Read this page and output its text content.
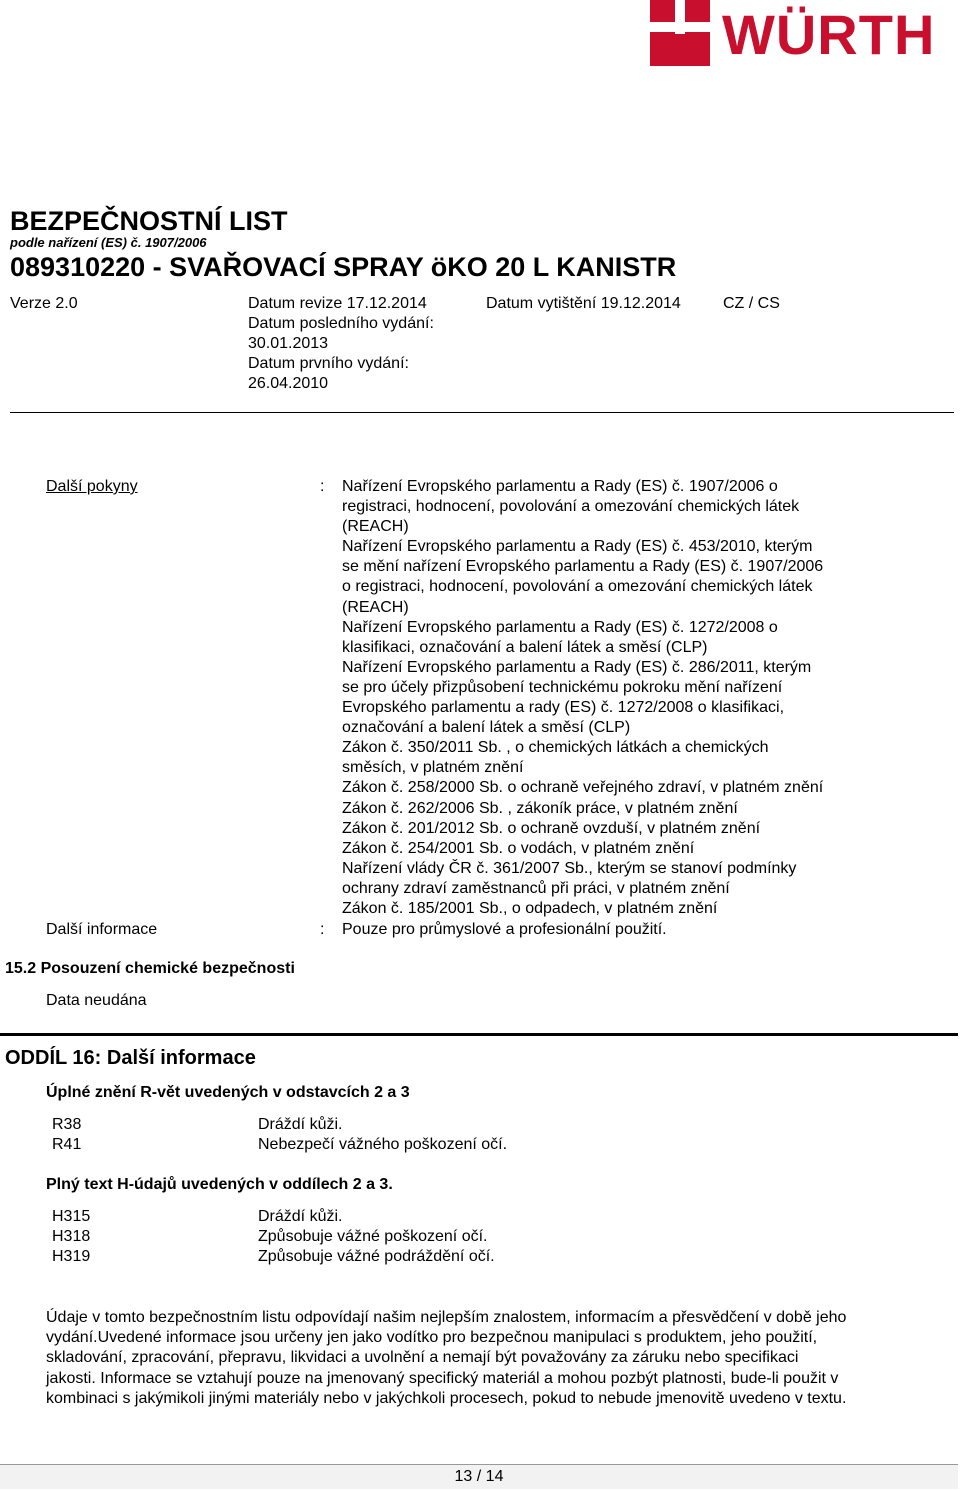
WÜRTH
BEZPEČNOSTNÍ LIST
podle nařízení (ES) č. 1907/2006
089310220 - SVAŘOVACÍ SPRAY öKO 20 L KANISTR
Verze 2.0	Datum revize 17.12.2014
Datum posledního vydání:
30.01.2013
Datum prvního vydání:
26.04.2010
Datum vytištění 19.12.2014	CZ / CS
Další pokyny	: Nařízení Evropského parlamentu a Rady (ES) č. 1907/2006 o
registraci, hodnocení, povolování a omezování chemických látek
(REACH)
Nařízení Evropského parlamentu a Rady (ES) č. 453/2010, kterým
se mění nařízení Evropského parlamentu a Rady (ES) č. 1907/2006
o registraci, hodnocení, povolování a omezování chemických látek
(REACH)
Nařízení Evropského parlamentu a Rady (ES) č. 1272/2008 o
klasifikaci, označování a balení látek a směsí (CLP)
Nařízení Evropského parlamentu a Rady (ES) č. 286/2011, kterým
se pro účely přizpůsobení technickému pokroku mění nařízení
Evropského parlamentu a rady (ES) č. 1272/2008 o klasifikaci,
označování a balení látek a směsí (CLP)
Zákon č. 350/2011 Sb. , o chemických látkách a chemických
směsích, v platném znění
Zákon č. 258/2000 Sb. o ochraně veřejného zdraví, v platném znění
Zákon č. 262/2006 Sb. , zákoník práce, v platném znění
Zákon č. 201/2012 Sb. o ochraně ovzduší, v platném znění
Zákon č. 254/2001 Sb. o vodách, v platném znění
Nařízení vlády ČR č. 361/2007 Sb., kterým se stanoví podmínky
ochrany zdraví zaměstnanců při práci, v platném znění
Zákon č. 185/2001 Sb., o odpadech, v platném znění
Další informace	: Pouze pro průmyslové a profesionální použití.
15.2 Posouzení chemické bezpečnosti
Data neudána
ODDÍL 16: Další informace
Úplné znění R-vět uvedených v odstavcích 2 a 3
R38	Dráždí kůži.
R41	Nebezpečí vážného poškození očí.
Plný text H-údajů uvedených v oddílech 2 a 3.
H315	Dráždí kůži.
H318	Způsobuje vážné poškození očí.
H319	Způsobuje vážné podráždění očí.
Údaje v tomto bezpečnostním listu odpovídají našim nejlepším znalostem, informacím a přesvědčení v době jeho
vydání.Uvedené informace jsou určeny jen jako vodítko pro bezpečnou manipulaci s produktem, jeho použití,
skladování, zpracování, přepravu, likvidaci a uvolnění a nemají být považovány za záruku nebo specifikaci
jakosti. Informace se vztahují pouze na jmenovaný specifický materiál a mohou pozbýt platnosti, bude-li použit v
kombinaci s jakýmikoli jinými materiály nebo v jakýchkoli procesech, pokud to nebude jmenovitě uvedeno v textu.
13 / 14
